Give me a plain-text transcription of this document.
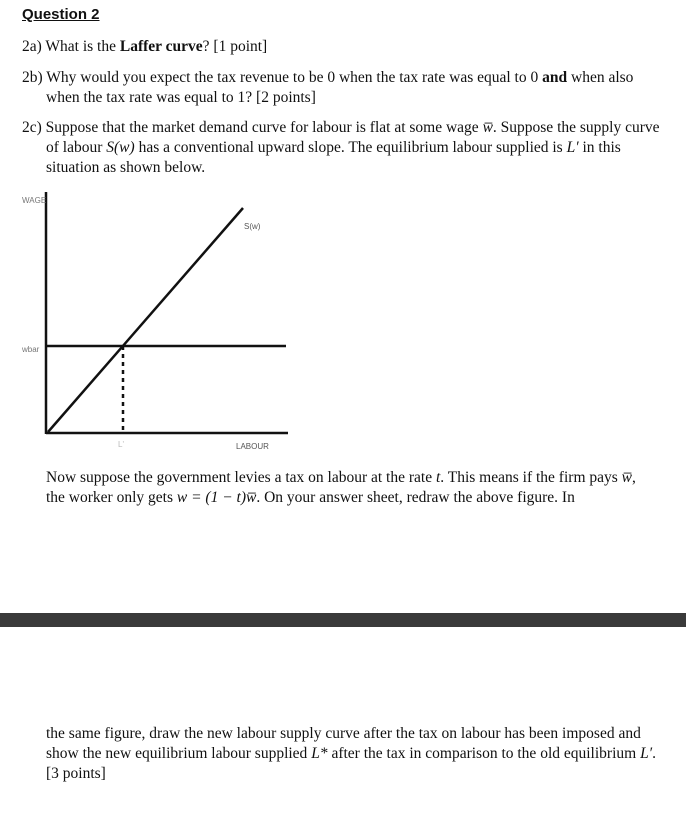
Question 2
2a) What is the Laffer curve? [1 point]
2b) Why would you expect the tax revenue to be 0 when the tax rate was equal to 0 and when also when the tax rate was equal to 1? [2 points]
2c) Suppose that the market demand curve for labour is flat at some wage w̅. Suppose the supply curve of labour S(w) has a conventional upward slope. The equilibrium labour supplied is L′ in this situation as shown below.
WAGE
wbar
S(w)
L'	LABOUR
Now suppose the government levies a tax on labour at the rate t. This means if the firm pays w̅, the worker only gets w = (1 − t)w̅. On your answer sheet, redraw the above figure. In
the same figure, draw the new labour supply curve after the tax on labour has been imposed and show the new equilibrium labour supplied L* after the tax in comparison to the old equilibrium L′. [3 points]
